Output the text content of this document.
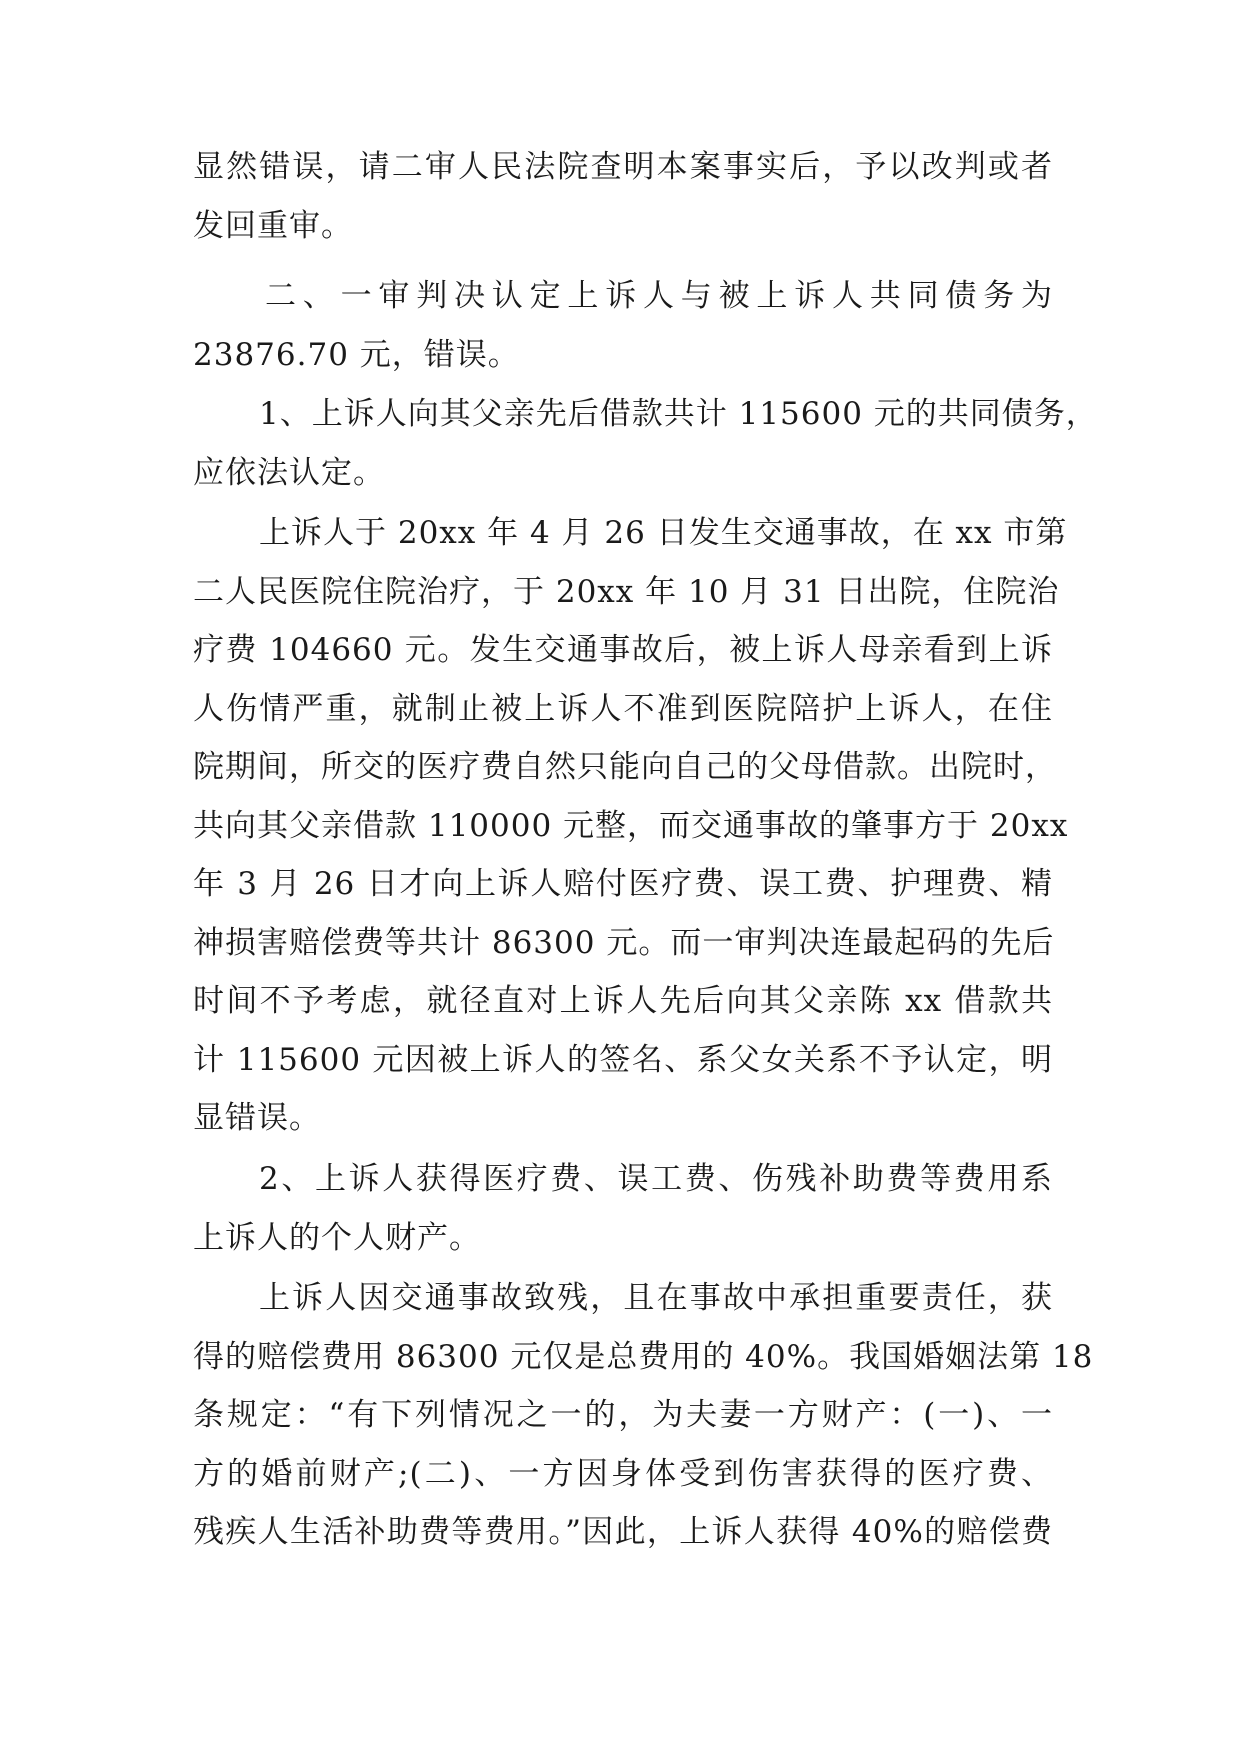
显然错误，请二审人民法院查明本案事实后，予以改判或者
发回重审。
二、一审判决认定上诉人与被上诉人共同债务为
23876.70 元，错误。
1、上诉人向其父亲先后借款共计 115600 元的共同债务，
应依法认定。
上诉人于 20xx 年 4 月 26 日发生交通事故，在 xx 市第
二人民医院住院治疗，于 20xx 年 10 月 31 日出院，住院治
疗费 104660 元。发生交通事故后，被上诉人母亲看到上诉
人伤情严重，就制止被上诉人不准到医院陪护上诉人，在住
院期间，所交的医疗费自然只能向自己的父母借款。出院时，
共向其父亲借款 110000 元整，而交通事故的肇事方于 20xx
年 3 月 26 日才向上诉人赔付医疗费、误工费、护理费、精
神损害赔偿费等共计 86300 元。而一审判决连最起码的先后
时间不予考虑，就径直对上诉人先后向其父亲陈 xx 借款共
计 115600 元因被上诉人的签名、系父女关系不予认定，明
显错误。
2、上诉人获得医疗费、误工费、伤残补助费等费用系
上诉人的个人财产。
上诉人因交通事故致残，且在事故中承担重要责任，获
得的赔偿费用 86300 元仅是总费用的 40%。我国婚姻法第 18
条规定：“有下列情况之一的，为夫妻一方财产：(一)、一
方的婚前财产;(二)、一方因身体受到伤害获得的医疗费、
残疾人生活补助费等费用。”因此，上诉人获得 40%的赔偿费
